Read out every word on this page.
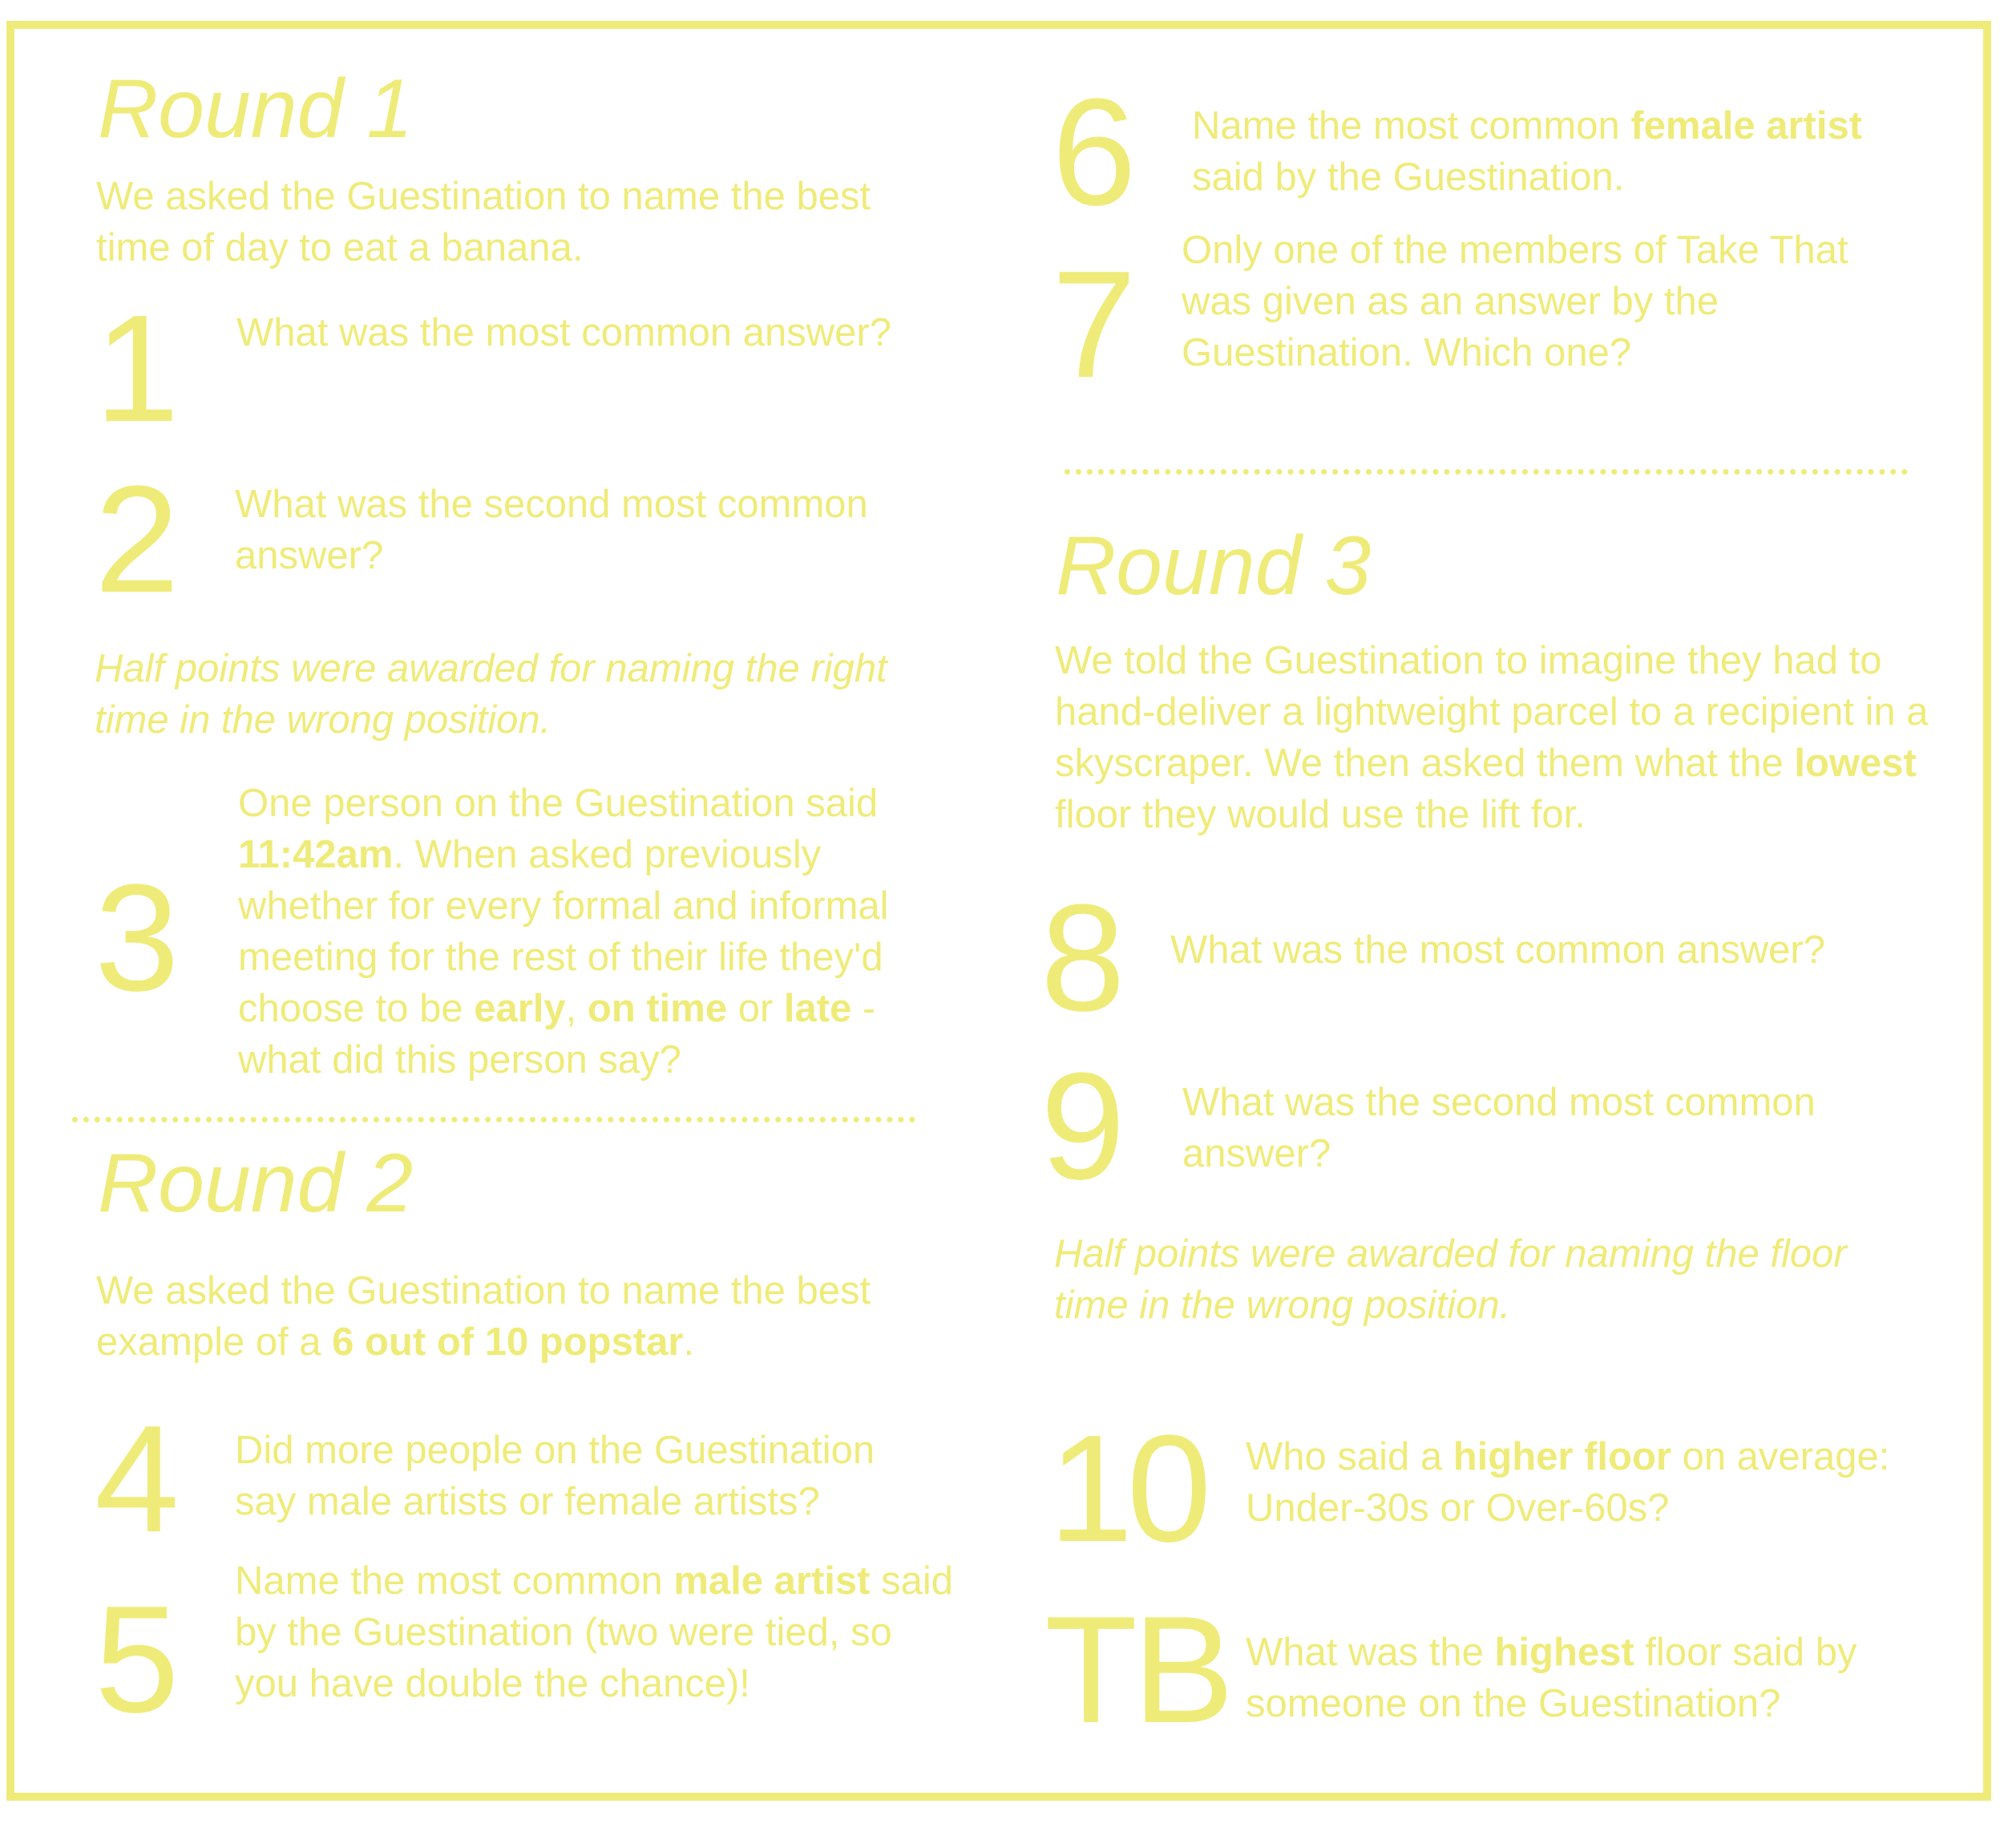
Round 1
We asked the Guestination to name the best time of day to eat a banana.
1 What was the most common answer?
2 What was the second most common answer?
Half points were awarded for naming the right time in the wrong position.
3
One person on the Guestination said 11:42am. When asked previously whether for every formal and informal meeting for the rest of their life they'd choose to be early, on time or late - what did this person say?
Round 2
We asked the Guestination to name the best example of a 6 out of 10 popstar.
4 Did more people on the Guestination say male artists or female artists?
5 Name the most common male artist said by the Guestination (two were tied, so you have double the chance)!
6 Name the most common female artist said by the Guestination.
7 Only one of the members of Take That was given as an answer by the Guestination. Which one?
Round 3
We told the Guestination to imagine they had to hand-deliver a lightweight parcel to a recipient in a skyscraper. We then asked them what the lowest floor they would use the lift for.
8 What was the most common answer?
9 What was the second most common answer?
Half points were awarded for naming the floor time in the wrong position.
10 Who said a higher floor on average: Under-30s or Over-60s?
TB What was the highest floor said by someone on the Guestination?
